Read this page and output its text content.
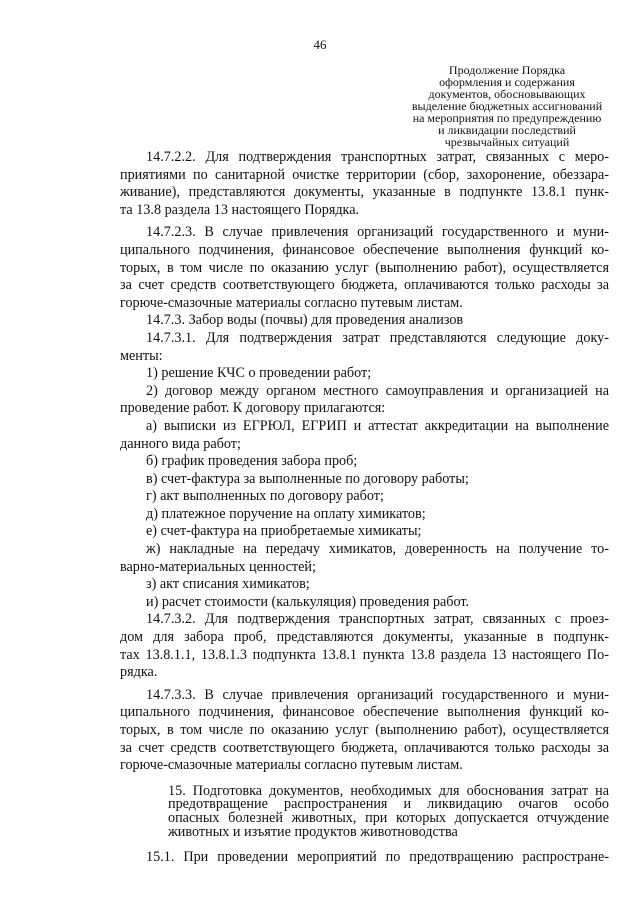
46
Продолжение Порядка
оформления и содержания
документов, обосновывающих
выделение бюджетных ассигнований
на мероприятия по предупреждению
и ликвидации последствий
чрезвычайных ситуаций
14.7.2.2. Для подтверждения транспортных затрат, связанных с меро-
приятиями по санитарной очистке территории (сбор, захоронение, обеззара-
живание), представляются документы, указанные в подпункте 13.8.1 пунк-
та 13.8 раздела 13 настоящего Порядка.
14.7.2.3. В случае привлечения организаций государственного и муни-
ципального подчинения, финансовое обеспечение выполнения функций ко-
торых, в том числе по оказанию услуг (выполнению работ), осуществляется
за счет средств соответствующего бюджета, оплачиваются только расходы за
горюче-смазочные материалы согласно путевым листам.
14.7.3. Забор воды (почвы) для проведения анализов
14.7.3.1. Для подтверждения затрат представляются следующие доку-
менты:
1) решение КЧС о проведении работ;
2) договор между органом местного самоуправления и организацией на
проведение работ. К договору прилагаются:
а) выписки из ЕГРЮЛ, ЕГРИП и аттестат аккредитации на выполнение
данного вида работ;
б) график проведения забора проб;
в) счет-фактура за выполненные по договору работы;
г) акт выполненных по договору работ;
д) платежное поручение на оплату химикатов;
е) счет-фактура на приобретаемые химикаты;
ж) накладные на передачу химикатов, доверенность на получение то-
варно-материальных ценностей;
з) акт списания химикатов;
и) расчет стоимости (калькуляция) проведения работ.
14.7.3.2. Для подтверждения транспортных затрат, связанных с проез-
дом для забора проб, представляются документы, указанные в подпунк-
тах 13.8.1.1, 13.8.1.3 подпункта 13.8.1 пункта 13.8 раздела 13 настоящего По-
рядка.
14.7.3.3. В случае привлечения организаций государственного и муни-
ципального подчинения, финансовое обеспечение выполнения функций ко-
торых, в том числе по оказанию услуг (выполнению работ), осуществляется
за счет средств соответствующего бюджета, оплачиваются только расходы за
горюче-смазочные материалы согласно путевым листам.
15. Подготовка документов, необходимых для обоснования затрат на
предотвращение распространения и ликвидацию очагов особо
опасных болезней животных, при которых допускается отчуждение
животных и изъятие продуктов животноводства
15.1. При проведении мероприятий по предотвращению распростране-
